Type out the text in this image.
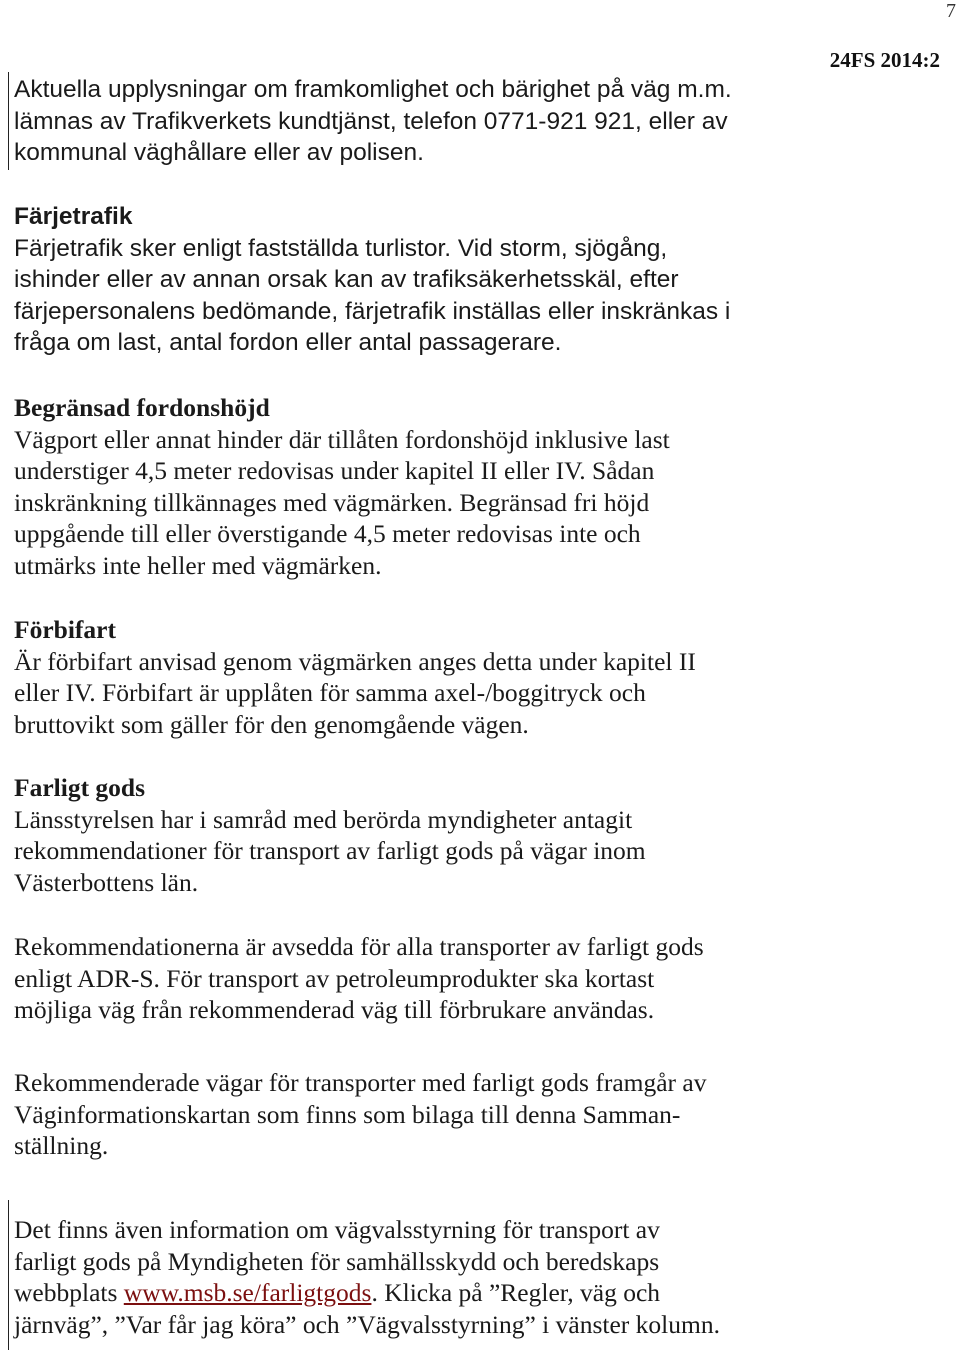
7
24FS 2014:2
Aktuella upplysningar om framkomlighet och bärighet på väg m.m.
lämnas av Trafikverkets kundtjänst, telefon 0771-921 921, eller av
kommunal väghållare eller av polisen.
Färjetrafik
Färjetrafik sker enligt fastställda turlistor. Vid storm, sjögång,
ishinder eller av annan orsak kan av trafiksäkerhetsskäl, efter
färjepersonalens bedömande, färjetrafik inställas eller inskränkas i
fråga om last, antal fordon eller antal passagerare.
Begränsad fordonshöjd
Vägport eller annat hinder där tillåten fordonshöjd inklusive last
understiger 4,5 meter redovisas under kapitel II eller IV. Sådan
inskränkning tillkännages med vägmärken. Begränsad fri höjd
uppgående till eller överstigande 4,5 meter redovisas inte och
utmärks inte heller med vägmärken.
Förbifart
Är förbifart anvisad genom vägmärken anges detta under kapitel II
eller IV. Förbifart är upplåten för samma axel-/boggitryck och
bruttovikt som gäller för den genomgående vägen.
Farligt gods
Länsstyrelsen har i samråd med berörda myndigheter antagit
rekommendationer för transport av farligt gods på vägar inom
Västerbottens län.
Rekommendationerna är avsedda för alla transporter av farligt gods
enligt ADR-S. För transport av petroleumprodukter ska kortast
möjliga väg från rekommenderad väg till förbrukare användas.
Rekommenderade vägar för transporter med farligt gods framgår av
Väginformationskartan som finns som bilaga till denna Samman-
ställning.
Det finns även information om vägvalsstyrning för transport av
farligt gods på Myndigheten för samhällsskydd och beredskaps
webbplats www.msb.se/farligtgods. Klicka på ”Regler, väg och
järnväg”, ”Var får jag köra” och ”Vägvalsstyrning” i vänster kolumn.
